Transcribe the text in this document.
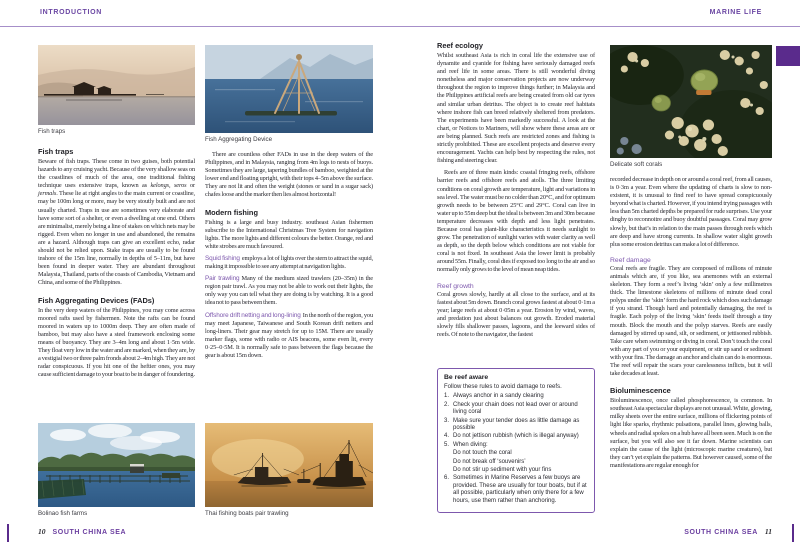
INTRODUCTION	MARINE LIFE
Fish traps
Fish traps

Beware of fish traps. These come in two guises, both potential hazards to any cruising yacht. Because of the very shallow seas on the coastlines of much of the area, one traditional fishing technique uses extensive traps, known as kelongs, seros or jermals. These lie at right angles to the main current or coastline, may be 100m long or more, may be very stoutly built and are not usually charted. Traps in use are sometimes very elaborate and have some sort of a shelter, or even a dwelling at one end. Others are minimalist, merely being a line of stakes on which nets may be rigged. Even when no longer in use and abandoned, the remains are a hazard. Although traps can give an excellent echo, radar should not be relied upon. Stake traps are usually to be found inshore of the 15m line, normally in depths of 5–11m, but have been found in deeper water. They are abundant throughout Malaysia, Thailand, parts of the coasts of Cambodia, Vietnam and China, and some of the Philippines.

Fish Aggregating Devices (FADs)

In the very deep waters of the Philippines, you may come across moored rafts used by fishermen. Note the rafts can be found moored in waters up to 1000m deep. They are often made of bamboo, but may also have a steel framework enclosing some means of buoyancy. They are 3–4m long and about 1·5m wide. They float very low in the water and are marked, when they are, by a vestigial two or three palm fronds about 2–4m high. They are not radar conspicuous. If you hit one of the heftier ones, you may cause sufficient damage to your boat to be in danger of foundering.

Bolinao fish farms
Fish Aggregating Device

There are countless other FADs in use in the deep waters of the Philippines, and in Malaysia, ranging from 4m logs to nests of buoys. Sometimes they are large, tapering bundles of bamboo, weighted at the lower end and floating upright, with their tops 4–5m above the surface. They are not lit and often the weight (stones or sand in a sugar sack) chafes loose and the marker then lies almost horizontal!

Modern fishing

Fishing is a large and busy industry. southeast Asian fishermen subscribe to the International Christmas Tree System for navigation lights. The more lights and different colours the better. Orange, red and white strobes are much favoured.

Squid fishing employs a lot of lights over the stern to attract the squid, making it impossible to see any attempt at navigation lights.

Pair trawling Many of the medium sized trawlers (20–35m) in the region pair trawl. As you may not be able to work out their lights, the only way you can tell what they are doing is by watching. It is a good idea not to pass between them.

Offshore drift netting and long-lining In the north of the region, you may meet Japanese, Taiwanese and South Korean drift netters and long-liners. Their gear may stretch for up to 15M. There are usually marker flags, some with radio or AIS beacons, some even lit, every 0·25–0·5M. It is normally safe to pass between the flags because the gear is about 15m down.

Thai fishing boats pair trawling
Reef ecology

Whilst southeast Asia is rich in coral life the extensive use of dynamite and cyanide for fishing have seriously damaged reefs and reef life in some areas. There is still wonderful diving nonetheless and major conservation projects are now underway throughout the region to improve things further; in Malaysia and the Philippines artificial reefs are being created from old car tyres and similar urban detritus. The object is to create reef habitats where inshore fish can breed relatively sheltered from predators. The experiments have been markedly successful. A look at the chart, or Notices to Mariners, will show where these areas are or are being planned. Such reefs are restricted zones and fishing is strictly prohibited. These are excellent projects and deserve every encouragement. Yachts can help best by respecting the rules, not fishing and steering clear.

Reefs are of three main kinds: coastal fringing reefs, offshore barrier reefs and offshore reefs and atolls. The three limiting conditions on coral growth are temperature, light and variations in sea level. The water must be no colder than 20°C, and for optimum growth needs to be between 25°C and 29°C. Coral can live in water up to 55m deep but the ideal is between 3m and 30m because temperature decreases with depth and less light penetrates. Because coral has plant-like characteristics it needs sunlight to grow. The penetration of sunlight varies with water clarity as well as depth, so the depth below which conditions are not viable for coral is not fixed. In southeast Asia the lower limit is probably around 55m. Finally, coral dies if exposed too long to the air and so normally only grows to the level of mean neap tides.

Reef growth

Coral grows slowly, hardly at all close to the surface, and at its fastest about 5m down. Branch coral grows fastest at about 0·1m a year; large reefs at about 0·05m a year. Erosion by wind, waves, and predation just about balances out growth. Eroded material slowly fills shallower passes, lagoons, and the leeward sides of reefs. Of note to the navigator, the fastest

Be reef aware

Follow these rules to avoid damage to reefs.

1. Always anchor in a sandy clearing
2. Check your chain does not lead over or around living coral
3. Make sure your tender does as little damage as possible
4. Do not jettison rubbish (which is illegal anyway)
5. When diving:
Do not touch the coral
Do not break off ‘souvenirs’
Do not stir up sediment with your fins
6. Sometimes in Marine Reserves a few buoys are provided. These are usually for tour boats, but if at all possible, particularly when only there for a few hours, use them rather than anchoring.
Delicate soft corals

recorded decrease in depth on or around a coral reef, from all causes, is 0·3m a year. Even where the updating of charts is slow to non-existent, it is unusual to find reef to have spread conspicuously beyond what is charted. However, if you intend trying passages with less than 5m charted depths be prepared for rude surprises. Use your dinghy to reconnoitre and buoy doubtful passages. Coral may grow slowly, but that’s in relation to the main passes through reefs which are deep and have strong currents. In shallow water slight growth plus some erosion detritus can make a lot of difference.

Reef damage

Coral reefs are fragile. They are composed of millions of minute animals which are, if you like, sea anemones with an external skeleton. They form a reef’s living ‘skin’ only a few millimetres thick. The limestone skeletons of millions of minute dead coral polyps under the ‘skin’ form the hard rock which does such damage if you strand. Though hard and potentially damaging, the reef is fragile. Each polyp of the living ‘skin’ feeds itself through a tiny mouth. Block the mouth and the polyp starves. Reefs are easily damaged by stirred up sand, silt, or sediment, or jettisoned rubbish. Take care when swimming or diving in coral. Don’t touch the coral with any part of you or your equipment, or stir up sand or sediment with your fins. The damage an anchor and chain can do is enormous. The reef will repair the scars your carelessness inflicts, but it will take decades at least.

Bioluminescence

Bioluminescence, once called phosphorescence, is common. In southeast Asia spectacular displays are not unusual. White, glowing, milky sheets over the entire surface, millions of flickering points of light like sparks, rhythmic pulsations, parallel lines, glowing balls, wheels and radial spokes on a hub have all been seen. Much is on the surface, but you will also see it far down. Marine scientists can explain the cause of the light (microscopic marine creatures), but they can’t yet explain the patterns. But however caused, some of the manifestations are regular enough for

10 SOUTH CHINA SEA	SOUTH CHINA SEA 11
